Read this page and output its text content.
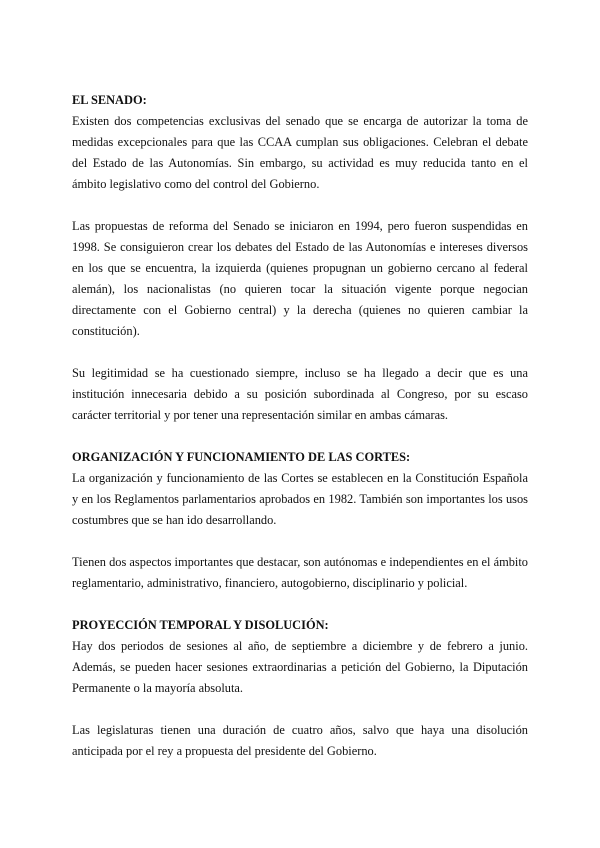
EL SENADO:

Existen dos competencias exclusivas del senado que se encarga de autorizar la toma de medidas excepcionales para que las CCAA cumplan sus obligaciones. Celebran el debate del Estado de las Autonomías. Sin embargo, su actividad es muy reducida tanto en el ámbito legislativo como del control del Gobierno.

Las propuestas de reforma del Senado se iniciaron en 1994, pero fueron suspendidas en 1998. Se consiguieron crear los debates del Estado de las Autonomías e intereses diversos en los que se encuentra, la izquierda (quienes propugnan un gobierno cercano al federal alemán), los nacionalistas (no quieren tocar la situación vigente porque negocian directamente con el Gobierno central) y la derecha (quienes no quieren cambiar la constitución).

Su legitimidad se ha cuestionado siempre, incluso se ha llegado a decir que es una institución innecesaria debido a su posición subordinada al Congreso, por su escaso carácter territorial y por tener una representación similar en ambas cámaras.

ORGANIZACIÓN Y FUNCIONAMIENTO DE LAS CORTES:

La organización y funcionamiento de las Cortes se establecen en la Constitución Española y en los Reglamentos parlamentarios aprobados en 1982. También son importantes los usos costumbres que se han ido desarrollando.

Tienen dos aspectos importantes que destacar, son autónomas e independientes en el ámbito reglamentario, administrativo, financiero, autogobierno, disciplinario y policial.

PROYECCIÓN TEMPORAL Y DISOLUCIÓN:

Hay dos periodos de sesiones al año, de septiembre a diciembre y de febrero a junio. Además, se pueden hacer sesiones extraordinarias a petición del Gobierno, la Diputación Permanente o la mayoría absoluta.

Las legislaturas tienen una duración de cuatro años, salvo que haya una disolución anticipada por el rey a propuesta del presidente del Gobierno.
